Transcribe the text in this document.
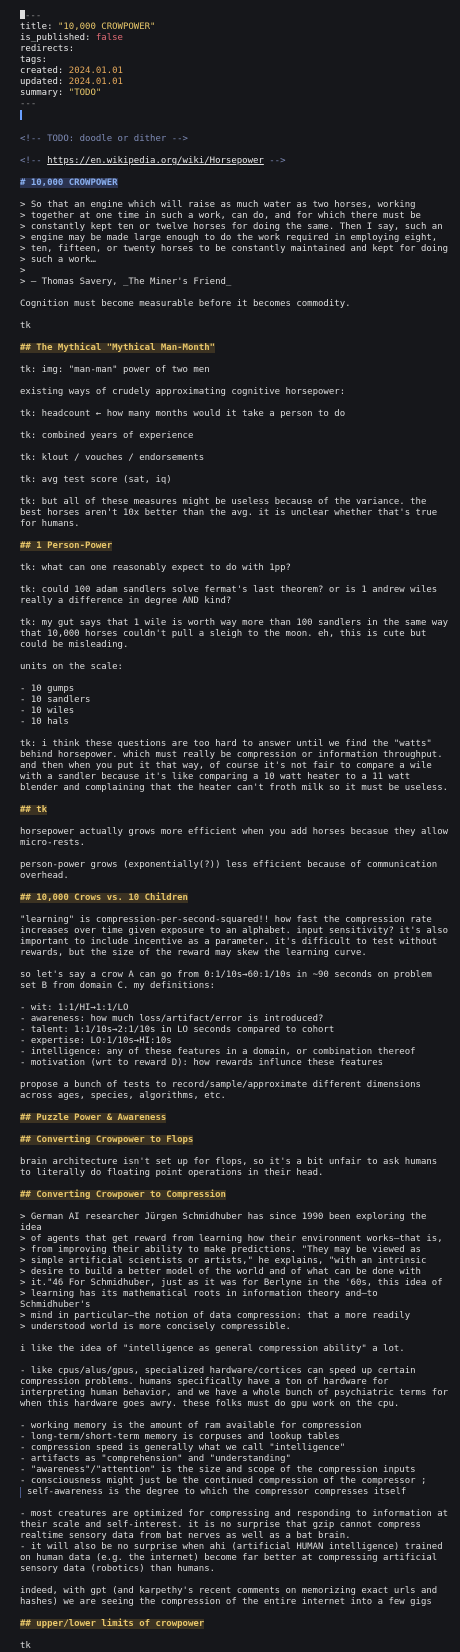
---
title: "10,000 CROWPOWER"
is_published: false
redirects:
tags:
created: 2024.01.01
updated: 2024.01.01
summary: "TODO"
---
<!-- TODO: doodle or dither -->
<!-- https://en.wikipedia.org/wiki/Horsepower -->
# 10,000 CROWPOWER
> So that an engine which will raise as much water as two horses, working
> together at one time in such a work, can do, and for which there must be
> constantly kept ten or twelve horses for doing the same. Then I say, such an
> engine may be made large enough to do the work required in employing eight,
> ten, fifteen, or twenty horses to be constantly maintained and kept for doing
> such a work…
>
> — Thomas Savery, _The Miner's Friend_
Cognition must become measurable before it becomes commodity.
tk
## The Mythical "Mythical Man-Month"
tk: img: "man-man" power of two men
existing ways of crudely approximating cognitive horsepower:
tk: headcount ← how many months would it take a person to do
tk: combined years of experience
tk: klout / vouches / endorsements
tk: avg test score (sat, iq)
tk: but all of these measures might be useless because of the variance. the best horses aren't 10x better than the avg. it is unclear whether that's true for humans.
## 1 Person-Power
tk: what can one reasonably expect to do with 1pp?
tk: could 100 adam sandlers solve fermat's last theorem? or is 1 andrew wiles really a difference in degree AND kind?
tk: my gut says that 1 wile is worth way more than 100 sandlers in the same way that 10,000 horses couldn't pull a sleigh to the moon. eh, this is cute but could be misleading.
units on the scale:
- 10 gumps
- 10 sandlers
- 10 wiles
- 10 hals
tk: i think these questions are too hard to answer until we find the "watts" behind horsepower. which must really be compression or information throughput. and then when you put it that way, of course it's not fair to compare a wile with a sandler because it's like comparing a 10 watt heater to a 11 watt blender and complaining that the heater can't froth milk so it must be useless.
## tk
horsepower actually grows more efficient when you add horses becasue they allow micro-rests.
person-power grows (exponentially(?)) less efficient because of communication overhead.
## 10,000 Crows vs. 10 Children
"learning" is compression-per-second-squared!! how fast the compression rate increases over time given exposure to an alphabet. input sensitivity? it's also important to include incentive as a parameter. it's difficult to test without rewards, but the size of the reward may skew the learning curve.
so let's say a crow A can go from 0:1/10s→60:1/10s in ~90 seconds on problem set B from domain C. my definitions:
- wit: 1:1/HI→1:1/LO
- awareness: how much loss/artifact/error is introduced?
- talent: 1:1/10s→2:1/10s in LO seconds compared to cohort
- expertise: LO:1/10s→HI:10s
- intelligence: any of these features in a domain, or combination thereof
- motivation (wrt to reward D): how rewards influnce these features
propose a bunch of tests to record/sample/approximate different dimensions across ages, species, algorithms, etc.
## Puzzle Power & Awareness
## Converting Crowpower to Flops
brain architecture isn't set up for flops, so it's a bit unfair to ask humans to literally do floating point operations in their head.
## Converting Crowpower to Compression
> German AI researcher Jürgen Schmidhuber has since 1990 been exploring the idea
> of agents that get reward from learning how their environment works—that is,
> from improving their ability to make predictions. "They may be viewed as
> simple artificial scientists or artists," he explains, "with an intrinsic
> desire to build a better model of the world and of what can be done with
> it."46 For Schmidhuber, just as it was for Berlyne in the '60s, this idea of
> learning has its mathematical roots in information theory and—to Schmidhuber's
> mind in particular—the notion of data compression: that a more readily
> understood world is more concisely compressible.
i like the idea of "intelligence as general compression ability" a lot.
- like cpus/alus/gpus, specialized hardware/cortices can speed up certain compression problems. humans specifically have a ton of hardware for interpreting human behavior, and we have a whole bunch of psychiatric terms for when this hardware goes awry. these folks must do gpu work on the cpu.
- working memory is the amount of ram available for compression
- long-term/short-term memory is corpuses and lookup tables
- compression speed is generally what we call "intelligence"
- artifacts as "comprehension" and "understanding"
- "awareness"/"attention" is the size and scope of the compression inputs
- consciousness might just be the continued compression of the compressor ;
self-awareness is the degree to which the compressor compresses itself
- most creatures are optimized for compressing and responding to information at their scale and self-interest. it is no surprise that gzip cannot compress realtime sensory data from bat nerves as well as a bat brain.
- it will also be no surprise when ahi (artificial HUMAN intelligence) trained on human data (e.g. the internet) become far better at compressing artificial sensory data (robotics) than humans.
indeed, with gpt (and karpethy's recent comments on memorizing exact urls and hashes) we are seeing the compression of the entire internet into a few gigs
## upper/lower limits of crowpower
tk
